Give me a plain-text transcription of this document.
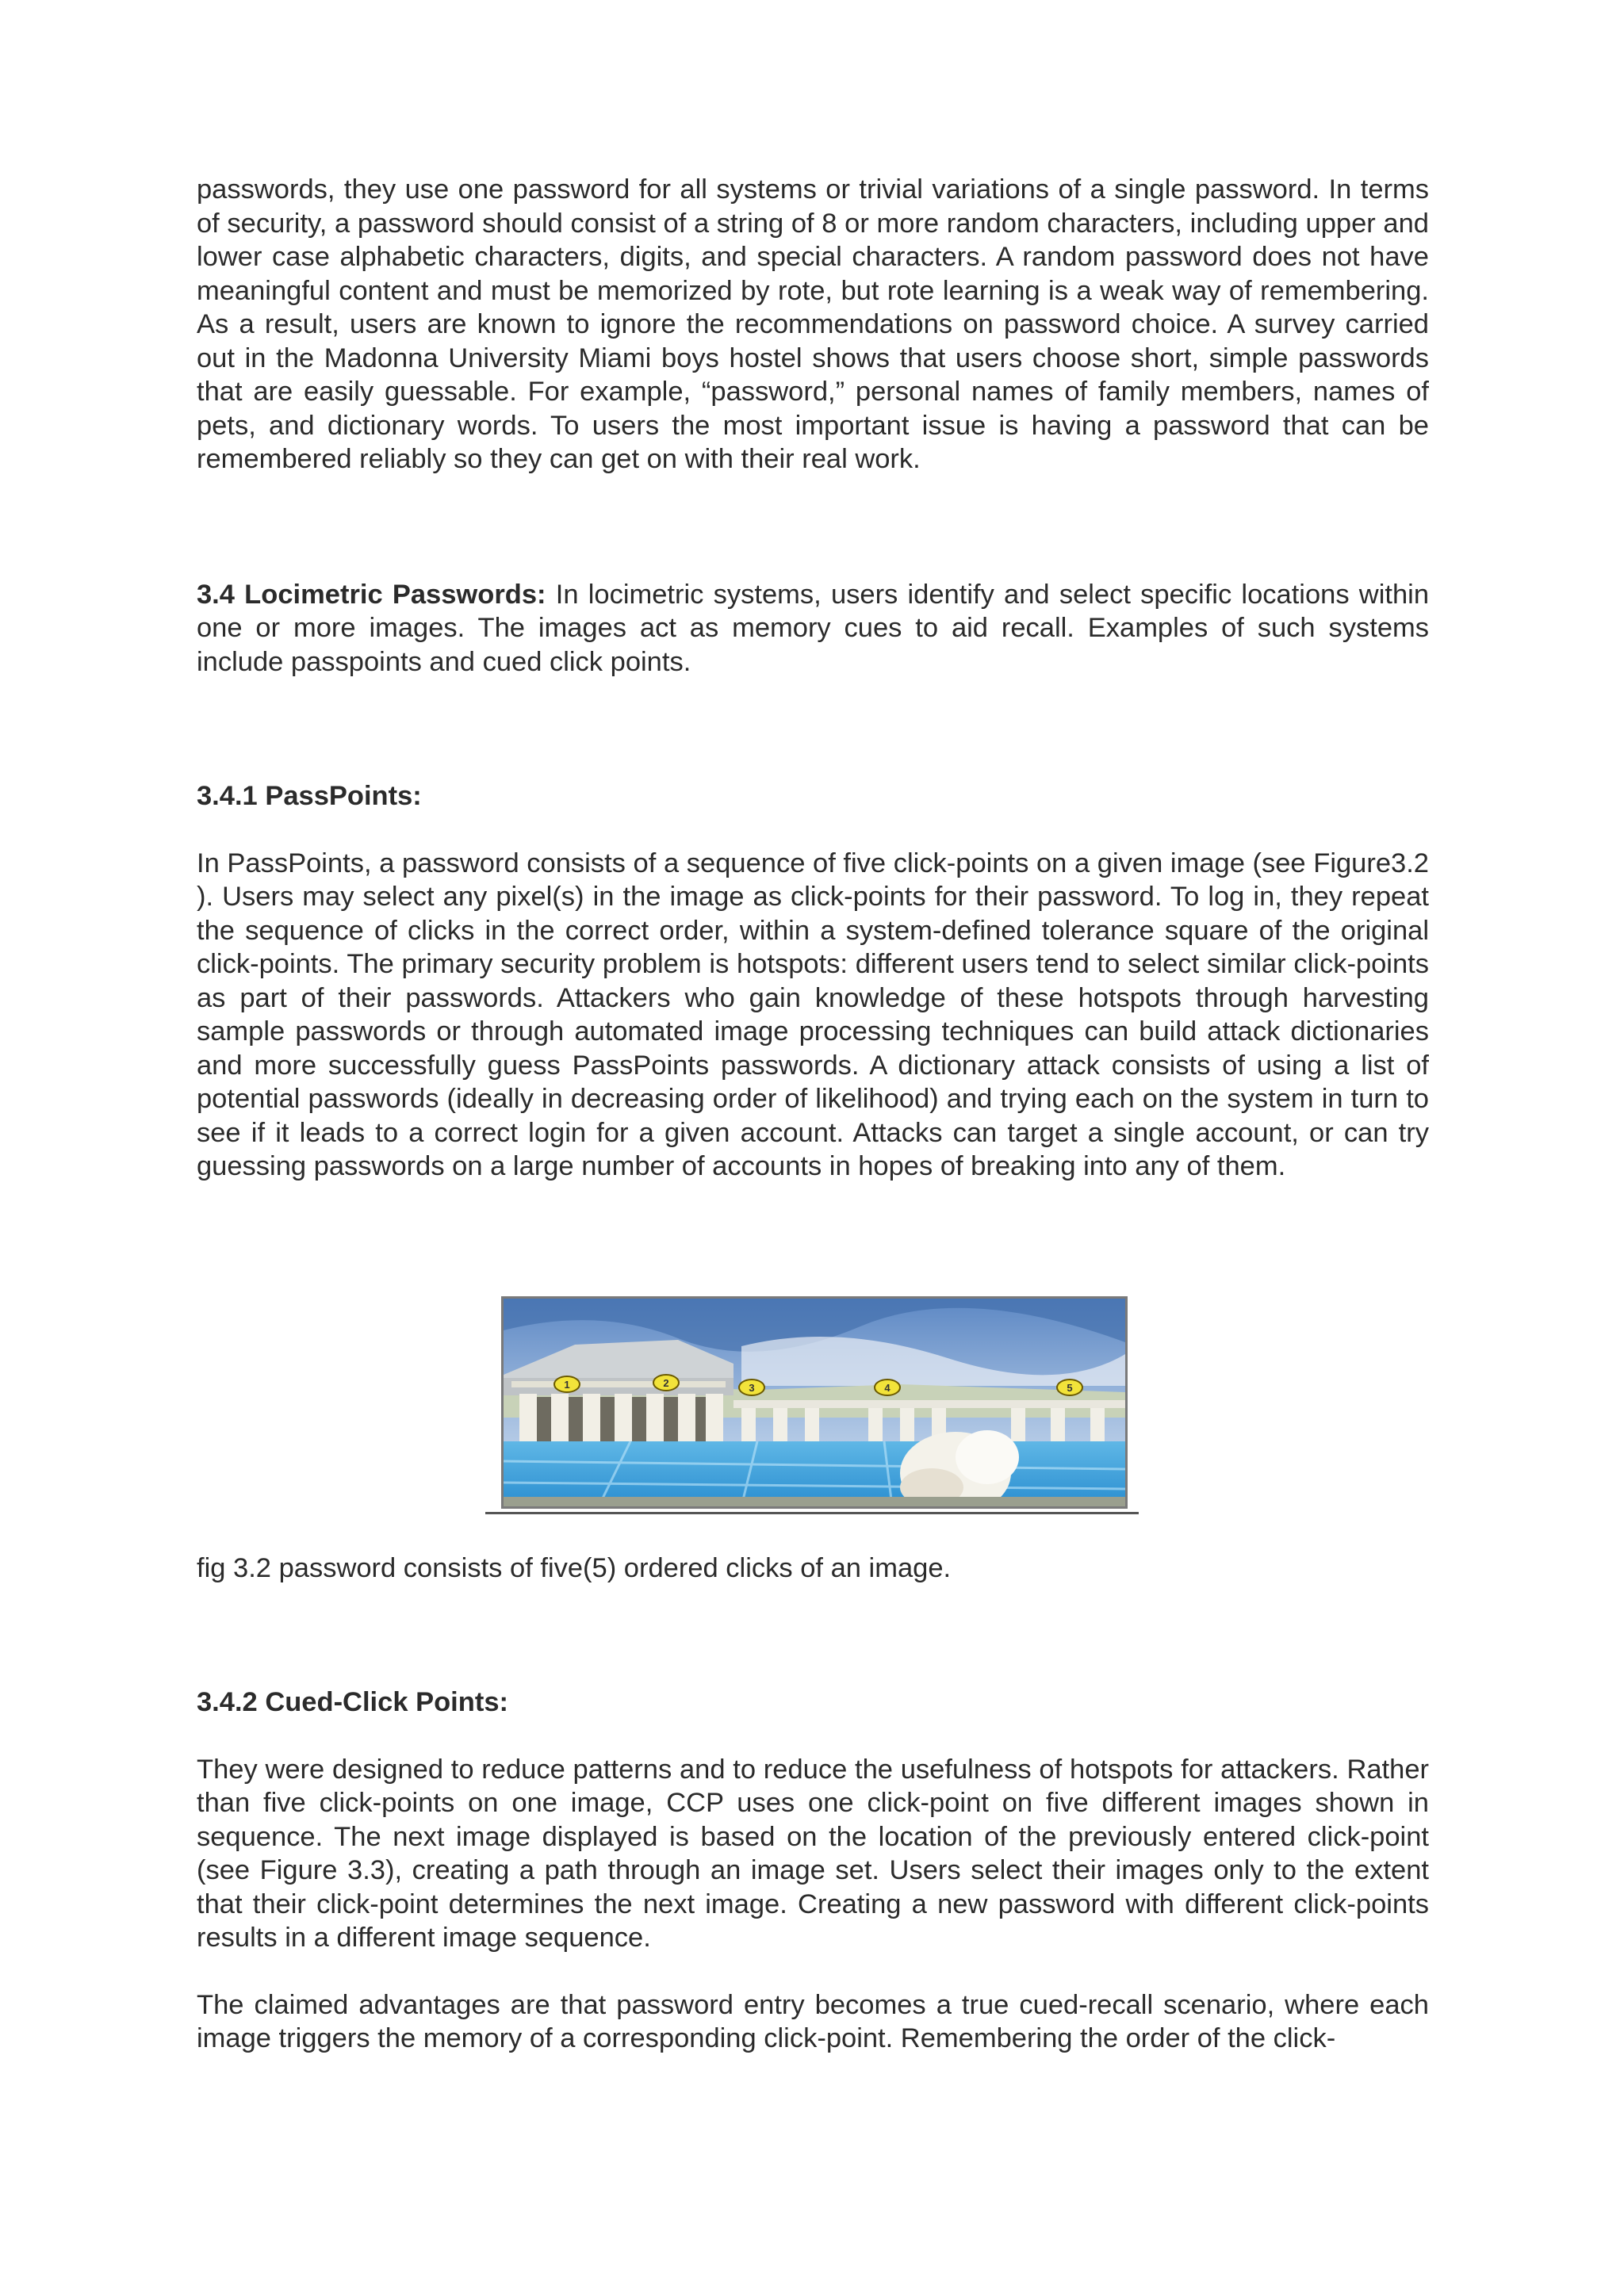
passwords, they use one password for all systems or trivial variations of a single password. In terms of security, a password should consist of a string of 8 or more random characters, including upper and lower case alphabetic characters, digits, and special characters. A random password does not have meaningful content and must be memorized by rote, but rote learning is a weak way of remembering. As a result, users are known to ignore the recommendations on password choice. A survey carried out in the Madonna University Miami boys hostel shows that users choose short, simple passwords that are easily guessable. For example, “password,” personal names of family members, names of pets, and dictionary words. To users the most important issue is having a password that can be remembered reliably so they can get on with their real work.

3.4 Locimetric Passwords: In locimetric systems, users identify and select specific locations within one or more images. The images act as memory cues to aid recall. Examples of such systems include passpoints and cued click points.

3.4.1 PassPoints:

In PassPoints, a password consists of a sequence of five click-points on a given image (see Figure3.2 ). Users may select any pixel(s) in the image as click-points for their password. To log in, they repeat the sequence of clicks in the correct order, within a system-defined tolerance square of the original click-points. The primary security problem is hotspots: different users tend to select similar click-points as part of their passwords. Attackers who gain knowledge of these hotspots through harvesting sample passwords or through automated image processing techniques can build attack dictionaries and more successfully guess PassPoints passwords. A dictionary attack consists of using a list of potential passwords (ideally in decreasing order of likelihood) and trying each on the system in turn to see if it leads to a correct login for a given account. Attacks can target a single account, or can try guessing passwords on a large number of accounts in hopes of breaking into any of them.

1	2	3	4	5

fig 3.2 password consists of five(5) ordered clicks of an image.

3.4.2 Cued-Click Points:

They were designed to reduce patterns and to reduce the usefulness of hotspots for attackers. Rather than five click-points on one image, CCP uses one click-point on five different images shown in sequence. The next image displayed is based on the location of the previously entered click-point (see Figure 3.3), creating a path through an image set. Users select their images only to the extent that their click-point determines the next image. Creating a new password with different click-points results in a different image sequence.

The claimed advantages are that password entry becomes a true cued-recall scenario, where each image triggers the memory of a corresponding click-point. Remembering the order of the click-
